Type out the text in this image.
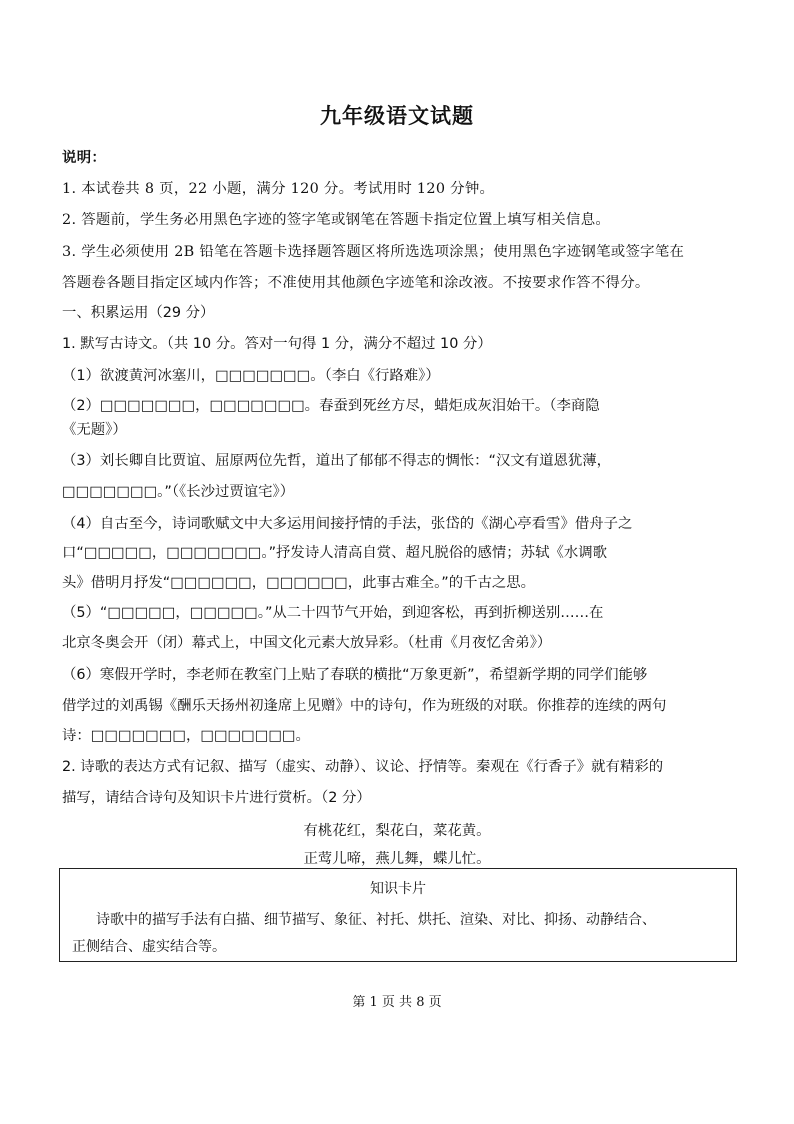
九年级语文试题
说明：
1. 本试卷共 8 页，22 小题，满分 120 分。考试用时 120 分钟。
2. 答题前，学生务必用黑色字迹的签字笔或钢笔在答题卡指定位置上填写相关信息。
3. 学生必须使用 2B 铅笔在答题卡选择题答题区将所选选项涂黑；使用黑色字迹钢笔或签字笔在
答题卷各题目指定区域内作答；不准使用其他颜色字迹笔和涂改液。不按要求作答不得分。
一、积累运用（29 分）
1. 默写古诗文。（共 10 分。答对一句得 1 分，满分不超过 10 分）
（1）欲渡黄河冰塞川，□□□□□□□。（李白《行路难》）
（2）□□□□□□□，□□□□□□□。春蚕到死丝方尽，蜡炬成灰泪始干。（李商隐
《无题》）
（3）刘长卿自比贾谊、屈原两位先哲，道出了郁郁不得志的惆怅：“汉文有道恩犹薄，
□□□□□□□。”（《长沙过贾谊宅》）
（4）自古至今，诗词歌赋文中大多运用间接抒情的手法，张岱的《湖心亭看雪》借舟子之
口“□□□□□，□□□□□□□。”抒发诗人清高自赏、超凡脱俗的感情；苏轼《水调歌
头》借明月抒发“□□□□□□，□□□□□□，此事古难全。”的千古之思。
（5）“□□□□□，□□□□□。”从二十四节气开始，到迎客松，再到折柳送别……在
北京冬奥会开（闭）幕式上，中国文化元素大放异彩。（杜甫《月夜忆舍弟》）
（6）寒假开学时，李老师在教室门上贴了春联的横批“万象更新”，希望新学期的同学们能够
借学过的刘禹锡《酬乐天扬州初逢席上见赠》中的诗句，作为班级的对联。你推荐的连续的两句
诗：□□□□□□□，□□□□□□□。
2. 诗歌的表达方式有记叙、描写（虚实、动静）、议论、抒情等。秦观在《行香子》就有精彩的
描写，请结合诗句及知识卡片进行赏析。（2 分）
有桃花红，梨花白，菜花黄。
正莺儿啼，燕儿舞，蝶儿忙。
知识卡片
诗歌中的描写手法有白描、细节描写、象征、衬托、烘托、渲染、对比、抑扬、动静结合、
正侧结合、虚实结合等。
第 1 页 共 8 页
